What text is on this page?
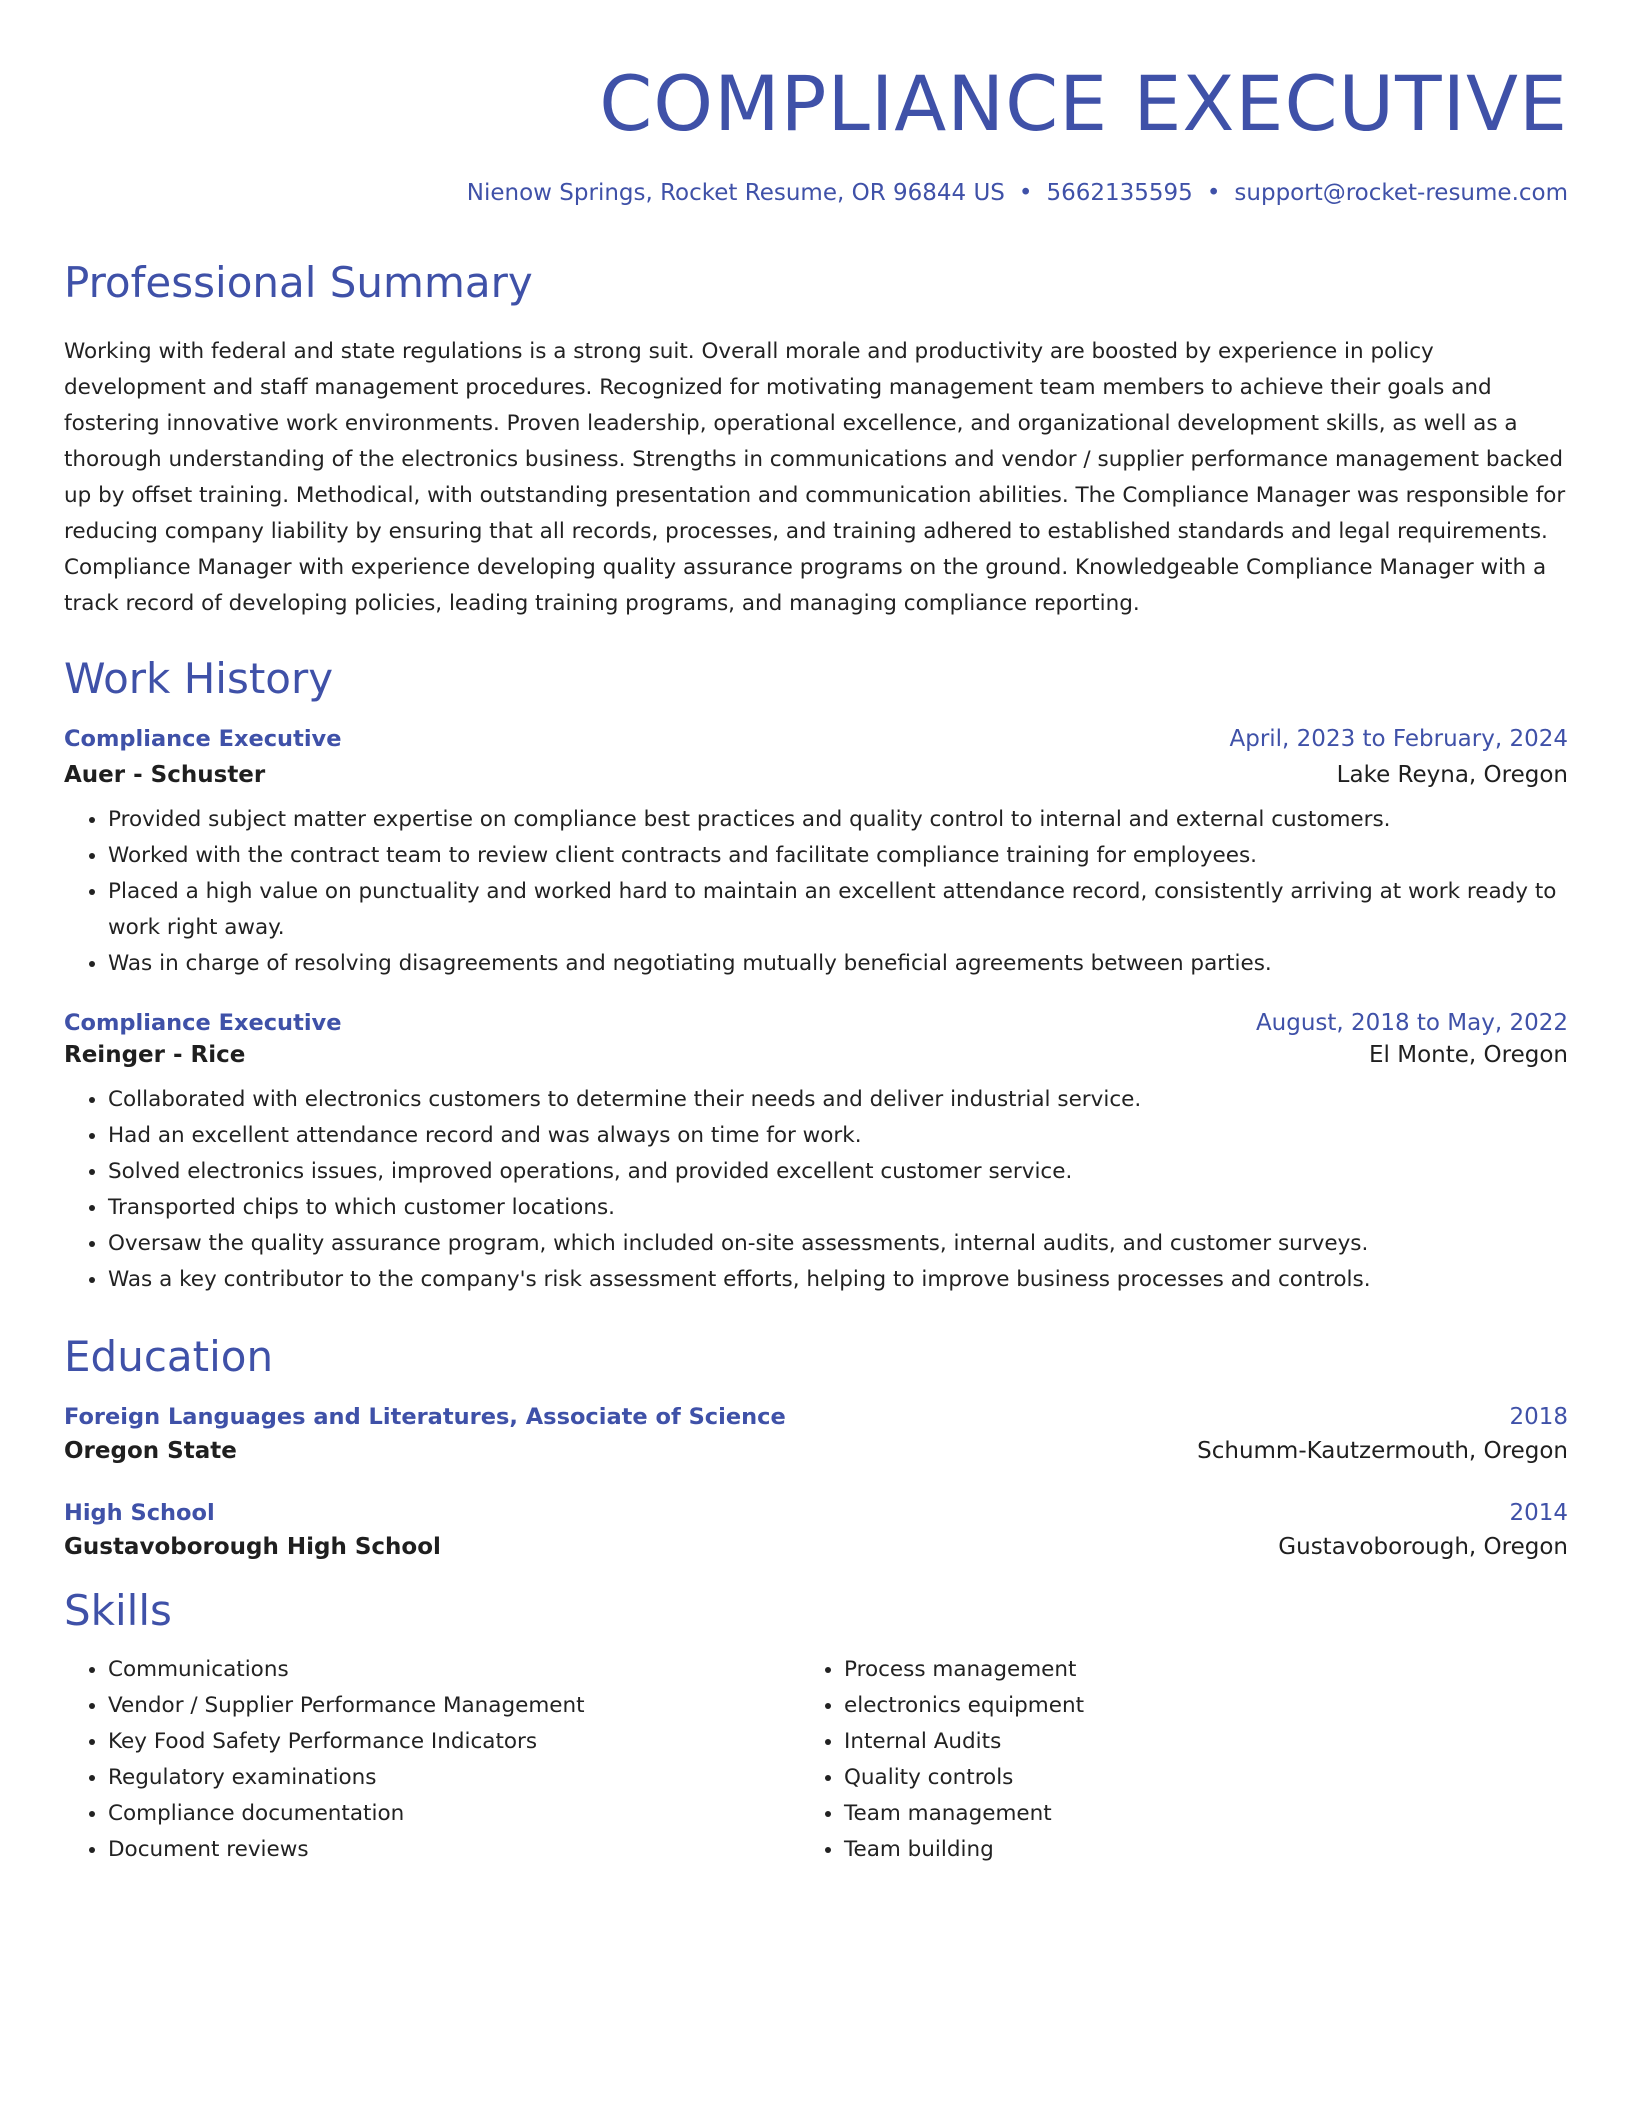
COMPLIANCE EXECUTIVE
Nienow Springs, Rocket Resume, OR 96844 US • 5662135595 • support@rocket-resume.com
Professional Summary
Working with federal and state regulations is a strong suit. Overall morale and productivity are boosted by experience in policy development and staff management procedures. Recognized for motivating management team members to achieve their goals and fostering innovative work environments. Proven leadership, operational excellence, and organizational development skills, as well as a thorough understanding of the electronics business. Strengths in communications and vendor / supplier performance management backed up by offset training. Methodical, with outstanding presentation and communication abilities. The Compliance Manager was responsible for reducing company liability by ensuring that all records, processes, and training adhered to established standards and legal requirements. Compliance Manager with experience developing quality assurance programs on the ground. Knowledgeable Compliance Manager with a track record of developing policies, leading training programs, and managing compliance reporting.
Work History
Compliance Executive	April, 2023 to February, 2024
Auer - Schuster	Lake Reyna, Oregon
• Provided subject matter expertise on compliance best practices and quality control to internal and external customers.
• Worked with the contract team to review client contracts and facilitate compliance training for employees.
• Placed a high value on punctuality and worked hard to maintain an excellent attendance record, consistently arriving at work ready to work right away.
• Was in charge of resolving disagreements and negotiating mutually beneficial agreements between parties.
Compliance Executive	August, 2018 to May, 2022
Reinger - Rice	El Monte, Oregon
• Collaborated with electronics customers to determine their needs and deliver industrial service.
• Had an excellent attendance record and was always on time for work.
• Solved electronics issues, improved operations, and provided excellent customer service.
• Transported chips to which customer locations.
• Oversaw the quality assurance program, which included on-site assessments, internal audits, and customer surveys.
• Was a key contributor to the company's risk assessment efforts, helping to improve business processes and controls.
Education
Foreign Languages and Literatures, Associate of Science	2018
Oregon State	Schumm-Kautzermouth, Oregon
High School	2014
Gustavoborough High School	Gustavoborough, Oregon
Skills
• Communications
• Vendor / Supplier Performance Management
• Key Food Safety Performance Indicators
• Regulatory examinations
• Compliance documentation
• Document reviews
• Process management
• electronics equipment
• Internal Audits
• Quality controls
• Team management
• Team building
